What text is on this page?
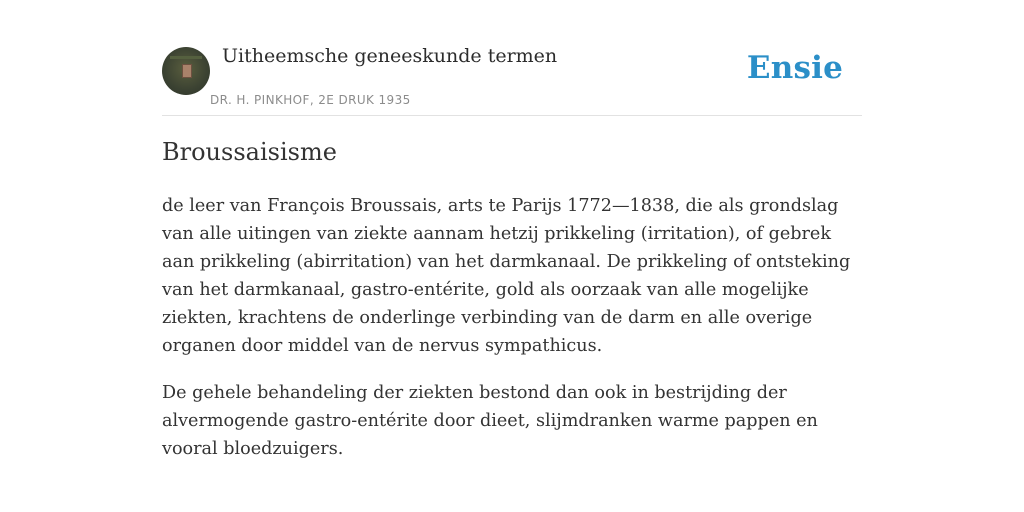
Uitheemsche geneeskunde termen
DR. H. PINKHOF, 2E DRUK 1935
Ensie
Broussaisisme

de leer van François Broussais, arts te Parijs 1772—1838, die als grondslag van alle uitingen van ziekte aannam hetzij prikkeling (irritation), of gebrek aan prikkeling (abirritation) van het darmkanaal. De prikkeling of ontsteking van het darmkanaal, gastro-entérite, gold als oorzaak van alle mogelijke ziekten, krachtens de onderlinge verbinding van de darm en alle overige organen door middel van de nervus sympathicus.

De gehele behandeling der ziekten bestond dan ook in bestrijding der alvermogende gastro-entérite door dieet, slijmdranken warme pappen en vooral bloedzuigers.
